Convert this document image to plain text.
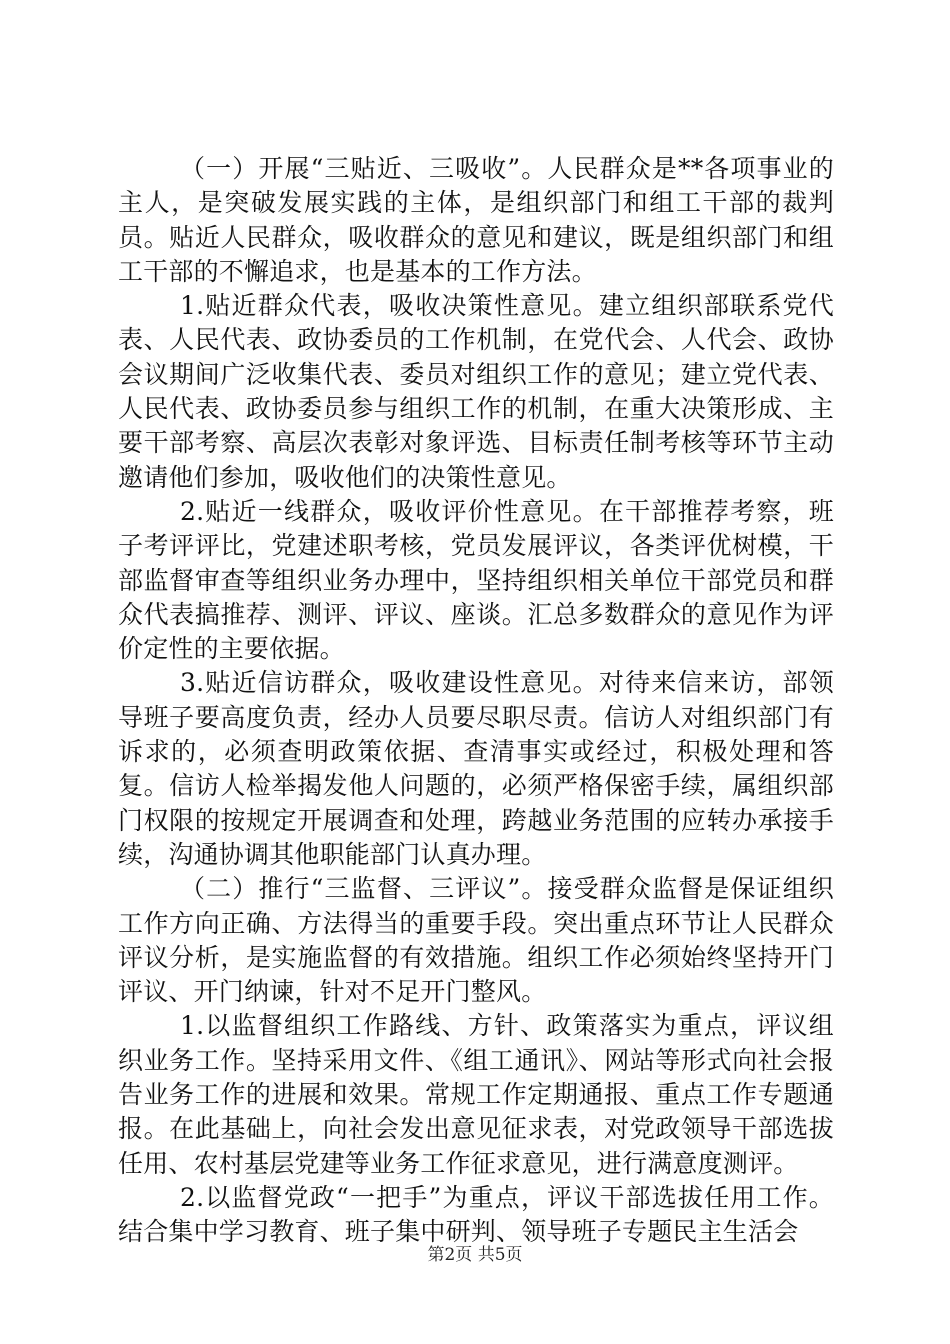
（一）开展“三贴近、三吸收”。人民群众是**各项事业的主人，是突破发展实践的主体，是组织部门和组工干部的裁判员。贴近人民群众，吸收群众的意见和建议，既是组织部门和组工干部的不懈追求，也是基本的工作方法。

1.贴近群众代表，吸收决策性意见。建立组织部联系党代表、人民代表、政协委员的工作机制，在党代会、人代会、政协会议期间广泛收集代表、委员对组织工作的意见；建立党代表、人民代表、政协委员参与组织工作的机制，在重大决策形成、主要干部考察、高层次表彰对象评选、目标责任制考核等环节主动邀请他们参加，吸收他们的决策性意见。

2.贴近一线群众，吸收评价性意见。在干部推荐考察，班子考评评比，党建述职考核，党员发展评议，各类评优树模，干部监督审查等组织业务办理中，坚持组织相关单位干部党员和群众代表搞推荐、测评、评议、座谈。汇总多数群众的意见作为评价定性的主要依据。

3.贴近信访群众，吸收建设性意见。对待来信来访，部领导班子要高度负责，经办人员要尽职尽责。信访人对组织部门有诉求的，必须查明政策依据、查清事实或经过，积极处理和答复。信访人检举揭发他人问题的，必须严格保密手续，属组织部门权限的按规定开展调查和处理，跨越业务范围的应转办承接手续，沟通协调其他职能部门认真办理。

（二）推行“三监督、三评议”。接受群众监督是保证组织工作方向正确、方法得当的重要手段。突出重点环节让人民群众评议分析，是实施监督的有效措施。组织工作必须始终坚持开门评议、开门纳谏，针对不足开门整风。

1.以监督组织工作路线、方针、政策落实为重点，评议组织业务工作。坚持采用文件、《组工通讯》、网站等形式向社会报告业务工作的进展和效果。常规工作定期通报、重点工作专题通报。在此基础上，向社会发出意见征求表，对党政领导干部选拔任用、农村基层党建等业务工作征求意见，进行满意度测评。

2.以监督党政“一把手”为重点，评议干部选拔任用工作。结合集中学习教育、班子集中研判、领导班子专题民主生活会

第2页 共5页
